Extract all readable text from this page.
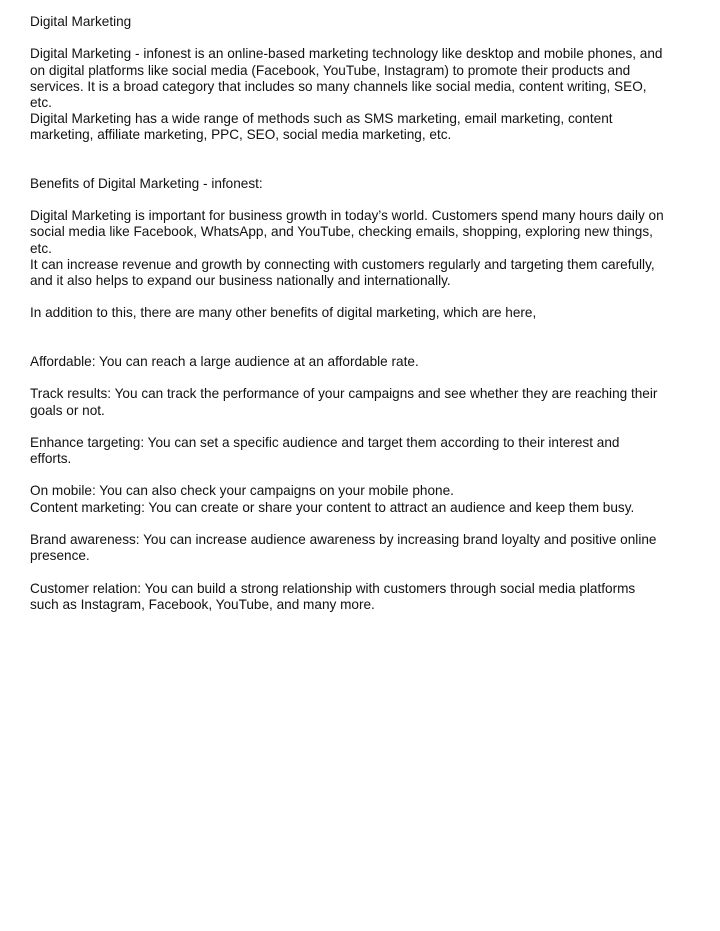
Digital Marketing

Digital Marketing - infonest is an online-based marketing technology like desktop and mobile phones, and

on digital platforms like social media (Facebook, YouTube, Instagram) to promote their products and

services. It is a broad category that includes so many channels like social media, content writing, SEO,

etc.

Digital Marketing has a wide range of methods such as SMS marketing, email marketing, content

marketing, affiliate marketing, PPC, SEO, social media marketing, etc.

Benefits of Digital Marketing - infonest:

Digital Marketing is important for business growth in today’s world. Customers spend many hours daily on

social media like Facebook, WhatsApp, and YouTube, checking emails, shopping, exploring new things,

etc.

It can increase revenue and growth by connecting with customers regularly and targeting them carefully,

and it also helps to expand our business nationally and internationally.

In addition to this, there are many other benefits of digital marketing, which are here,

Affordable: You can reach a large audience at an affordable rate.

Track results: You can track the performance of your campaigns and see whether they are reaching their

goals or not.

Enhance targeting: You can set a specific audience and target them according to their interest and

efforts.

On mobile: You can also check your campaigns on your mobile phone.

Content marketing: You can create or share your content to attract an audience and keep them busy.

Brand awareness: You can increase audience awareness by increasing brand loyalty and positive online

presence.

Customer relation: You can build a strong relationship with customers through social media platforms

such as Instagram, Facebook, YouTube, and many more.
